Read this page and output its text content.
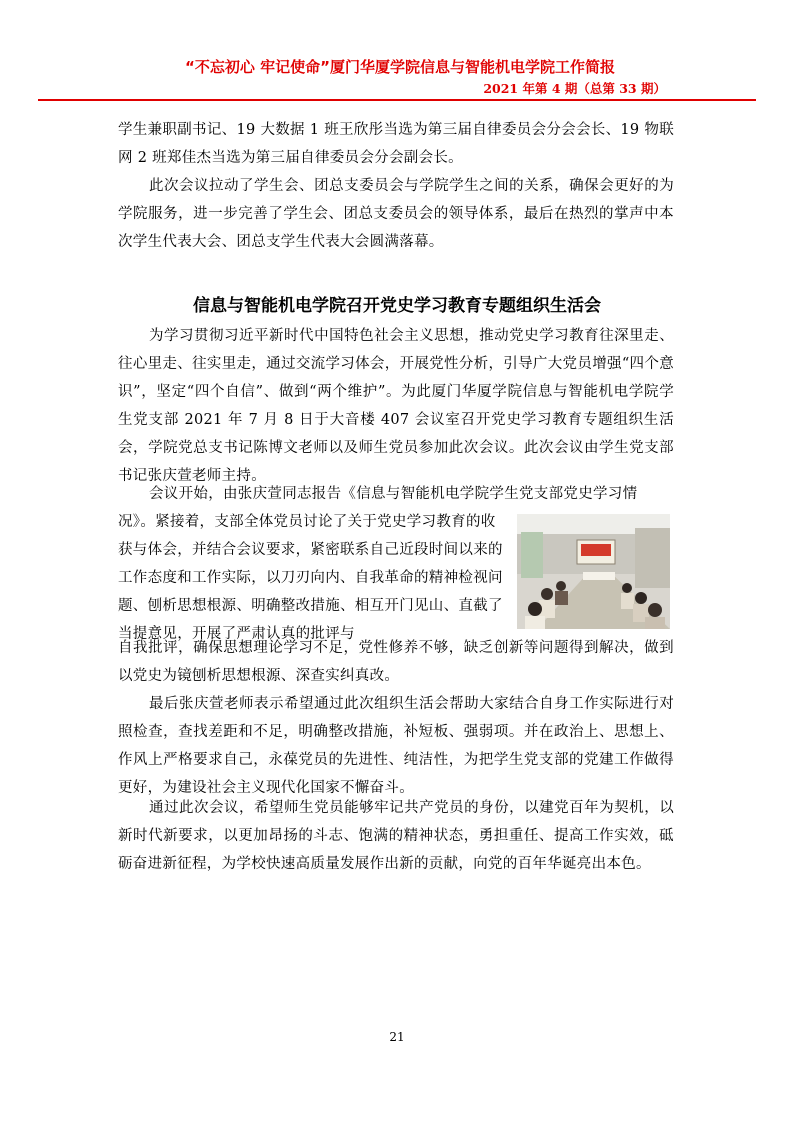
“不忘初心 牢记使命”厦门华厦学院信息与智能机电学院工作简报
2021 年第 4 期（总第 33 期）
学生兼职副书记、19 大数据 1 班王欣彤当选为第三届自律委员会分会会长、19 物联网 2 班郑佳杰当选为第三届自律委员会分会副会长。
此次会议拉动了学生会、团总支委员会与学院学生之间的关系，确保会更好的为学院服务，进一步完善了学生会、团总支委员会的领导体系，最后在热烈的掌声中本次学生代表大会、团总支学生代表大会圆满落幕。
信息与智能机电学院召开党史学习教育专题组织生活会
为学习贯彻习近平新时代中国特色社会主义思想，推动党史学习教育往深里走、往心里走、往实里走，通过交流学习体会，开展党性分析，引导广大党员增强“四个意识”，坚定“四个自信”、做到“两个维护”。为此厦门华厦学院信息与智能机电学院学生党支部 2021 年 7 月 8 日于大音楼 407 会议室召开党史学习教育专题组织生活会，学院党总支书记陈博文老师以及师生党员参加此次会议。此次会议由学生党支部书记张庆萱老师主持。
会议开始，由张庆萱同志报告《信息与智能机电学院学生党支部党史学习情
况》。紧接着，支部全体党员讨论了关于党史学习教育的收获与体会，并结合会议要求，紧密联系自己近段时间以来的工作态度和工作实际，以刀刃向内、自我革命的精神检视问题、刨析思想根源、明确整改措施、相互开门见山、直截了当提意见，开展了严肃认真的批评与
自我批评，确保思想理论学习不足，党性修养不够，缺乏创新等问题得到解决，做到以党史为镜刨析思想根源、深查实纠真改。
最后张庆萱老师表示希望通过此次组织生活会帮助大家结合自身工作实际进行对照检查，查找差距和不足，明确整改措施，补短板、强弱项。并在政治上、思想上、作风上严格要求自己，永葆党员的先进性、纯洁性，为把学生党支部的党建工作做得更好，为建设社会主义现代化国家不懈奋斗。
通过此次会议，希望师生党员能够牢记共产党员的身份，以建党百年为契机，以新时代新要求，以更加昂扬的斗志、饱满的精神状态，勇担重任、提高工作实效，砥砺奋进新征程，为学校快速高质量发展作出新的贡献，向党的百年华诞亮出本色。
21
